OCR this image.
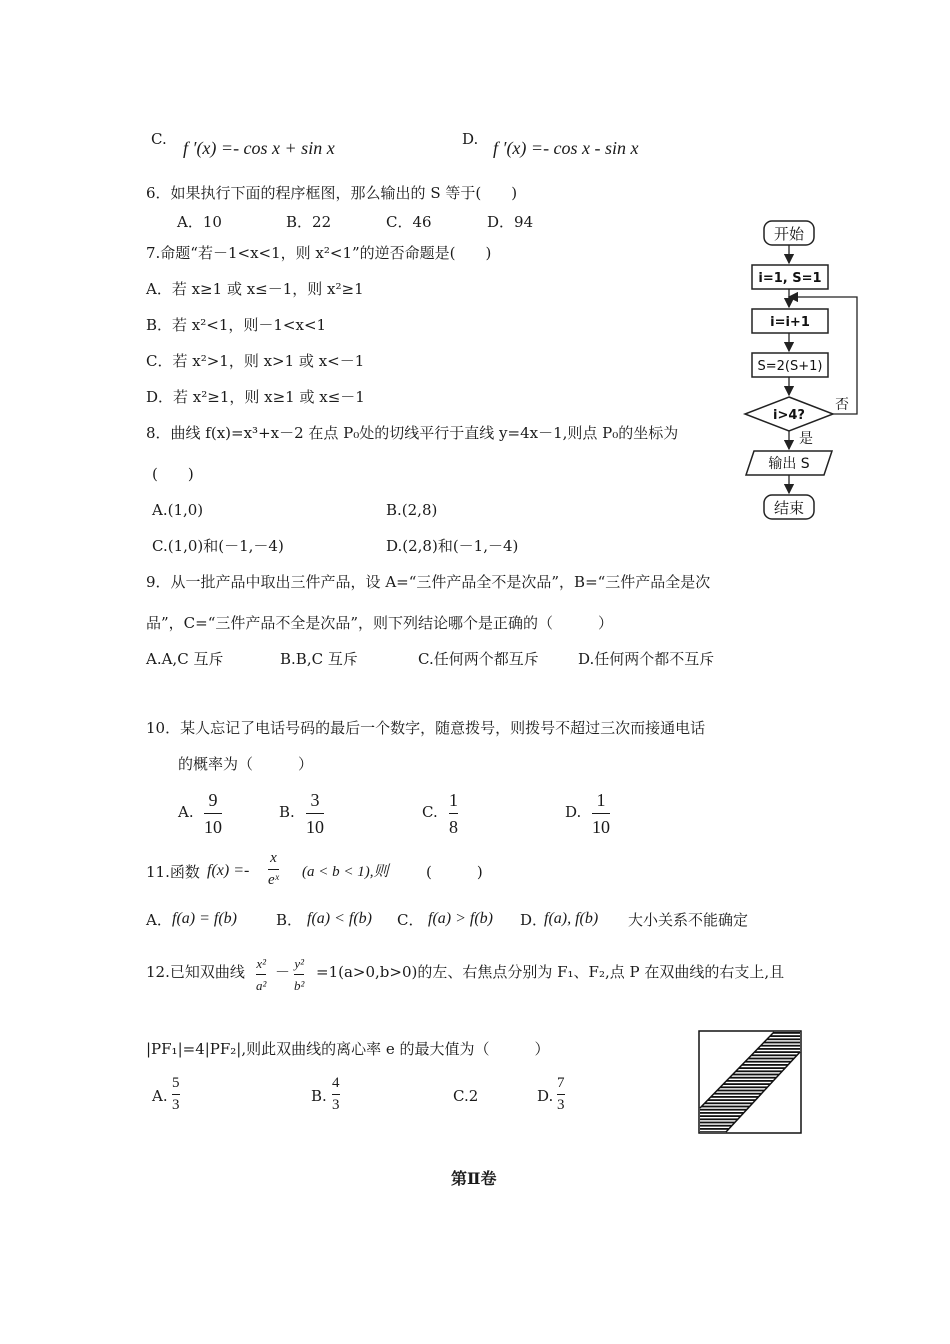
C. f ′(x) =- cos x + sin x	D. f ′(x) =- cos x - sin x
6．如果执行下面的程序框图，那么输出的 S 等于(　　)
A．10	B．22	C．46	D．94
7.命题“若－1<x<1，则 x²<1”的逆否命题是(　　)
A．若 x≥1 或 x≤－1，则 x²≥1
B．若 x²<1，则－1<x<1
C．若 x²>1，则 x>1 或 x<－1
D．若 x²≥1，则 x≥1 或 x≤－1
8．曲线 f(x)=x³+x－2 在点 P₀处的切线平行于直线 y=4x－1,则点 P₀的坐标为
(　　)
A.(1,0)	B.(2,8)
C.(1,0)和(－1,－4)	D.(2,8)和(－1,－4)
9．从一批产品中取出三件产品，设 A=“三件产品全不是次品”，B=“三件产品全是次
品”，C=“三件产品不全是次品”，则下列结论哪个是正确的（　　　）
A.A,C 互斥	B.B,C 互斥	C.任何两个都互斥	D.任何两个都不互斥
10．某人忘记了电话号码的最后一个数字，随意拨号，则拨号不超过三次而接通电话
的概率为（　　　）
A.
9
10
B.
3
10
C.
1
8
D.
1
10
11.函数 f(x) =-
x
eˣ (a < b < 1),则	(　　　)
A． f(a) = f(b)	B． f(a) < f(b) C． f(a) > f(b) D．
f(a), f(b) 大小关系不能确定
12.已知双曲线 x²
a²
－ y²
b²
=1(a>0,b>0)的左、右焦点分别为 F₁、F₂,点 P 在双曲线的右支上,且
|PF₁|=4|PF₂|,则此双曲线的离心率 e 的最大值为（　　　）
A.
5
3	B.
4
3	C.2	D.
7
3
第Ⅱ卷
开始
i=1, S=1
i=i+1
S=2(S+1)
i>4?
否
是
输出 S
结束
